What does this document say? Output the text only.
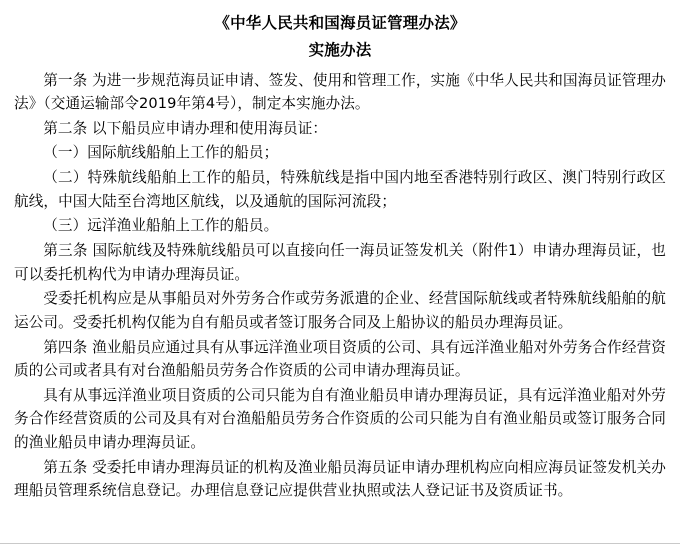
《中华人民共和国海员证管理办法》
实施办法

第一条 为进一步规范海员证申请、签发、使用和管理工作，实施《中华人民共和国海员证管理办法》（交通运输部令2019年第4号），制定本实施办法。

第二条 以下船员应申请办理和使用海员证：

（一）国际航线船舶上工作的船员；

（二）特殊航线船舶上工作的船员，特殊航线是指中国内地至香港特别行政区、澳门特别行政区航线，中国大陆至台湾地区航线，以及通航的国际河流段；

（三）远洋渔业船舶上工作的船员。

第三条 国际航线及特殊航线船员可以直接向任一海员证签发机关（附件1）申请办理海员证，也可以委托机构代为申请办理海员证。

受委托机构应是从事船员对外劳务合作或劳务派遣的企业、经营国际航线或者特殊航线船舶的航运公司。受委托机构仅能为自有船员或者签订服务合同及上船协议的船员办理海员证。

第四条 渔业船员应通过具有从事远洋渔业项目资质的公司、具有远洋渔业船对外劳务合作经营资质的公司或者具有对台渔船船员劳务合作资质的公司申请办理海员证。

具有从事远洋渔业项目资质的公司只能为自有渔业船员申请办理海员证，具有远洋渔业船对外劳务合作经营资质的公司及具有对台渔船船员劳务合作资质的公司只能为自有渔业船员或签订服务合同的渔业船员申请办理海员证。

第五条 受委托申请办理海员证的机构及渔业船员海员证申请办理机构应向相应海员证签发机关办理船员管理系统信息登记。办理信息登记应提供营业执照或法人登记证书及资质证书。
